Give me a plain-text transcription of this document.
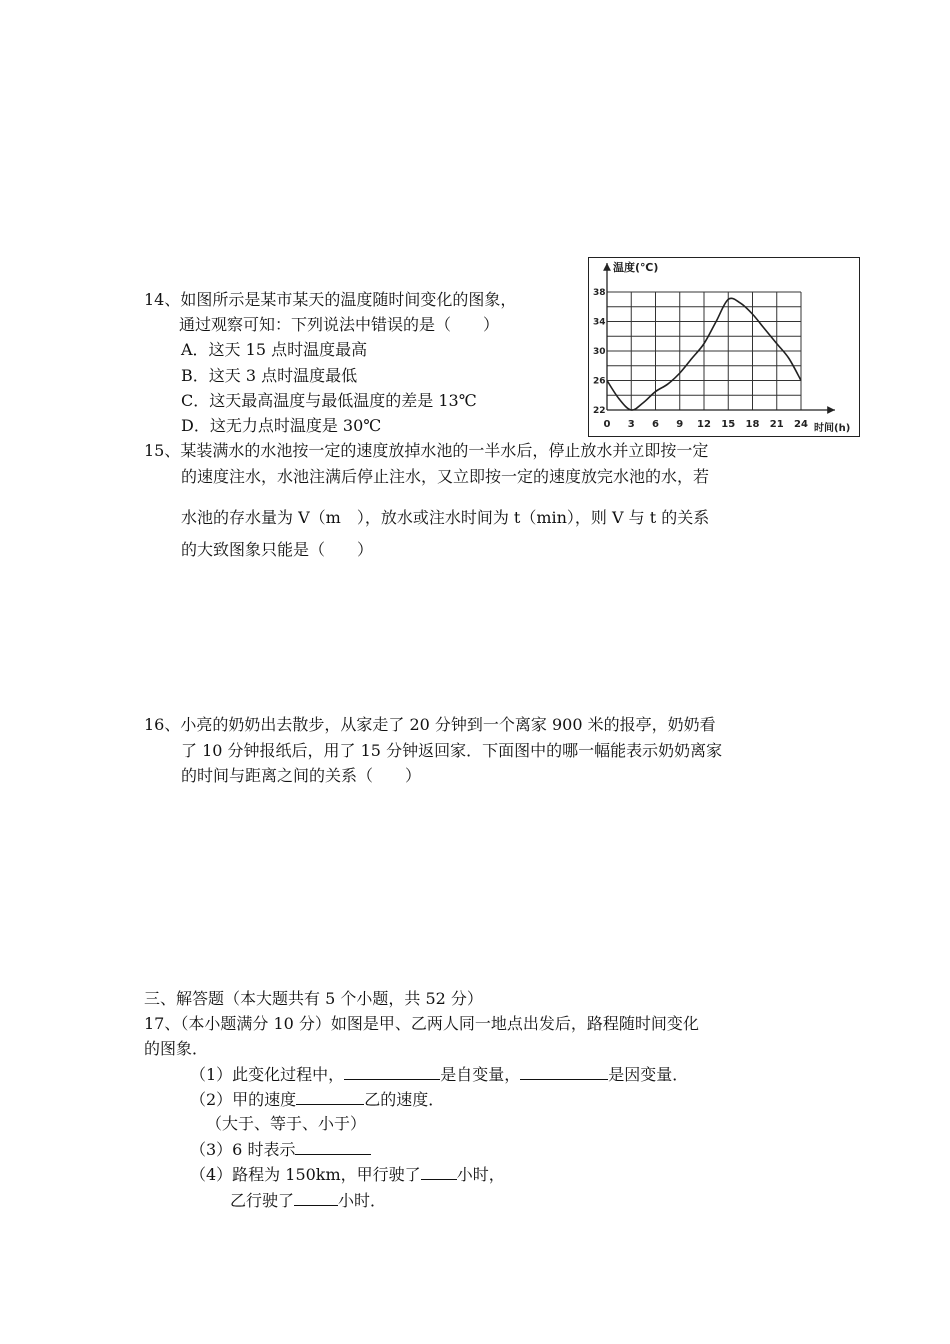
14、如图所示是某市某天的温度随时间变化的图象，
通过观察可知：下列说法中错误的是（　　）
A．这天 15 点时温度最高
B．这天 3 点时温度最低
C．这天最高温度与最低温度的差是 13℃
D．这无力点时温度是 30℃	0 3 6 9 12 15 18 21 24
22
26
30
34
38
温度(℃)
时间(h)
15、某装满水的水池按一定的速度放掉水池的一半水后，停止放水并立即按一定
的速度注水，水池注满后停止注水，又立即按一定的速度放完水池的水，若
水池的存水量为 V（m　），放水或注水时间为 t（min），则 V 与 t 的关系
的大致图象只能是（　　）
16、小亮的奶奶出去散步，从家走了 20 分钟到一个离家 900 米的报亭，奶奶看
了 10 分钟报纸后，用了 15 分钟返回家．下面图中的哪一幅能表示奶奶离家
的时间与距离之间的关系（　　）
三、解答题（本大题共有 5 个小题，共 52 分）
17、（本小题满分 10 分）如图是甲、乙两人同一地点出发后，路程随时间变化
的图象．
（1）此变化过程中，	是自变量，	是因变量．
（2）甲的速度	乙的速度．
（大于、等于、小于）
（3）6 时表示
（4）路程为 150km，甲行驶了 小时，
乙行驶了	小时．
